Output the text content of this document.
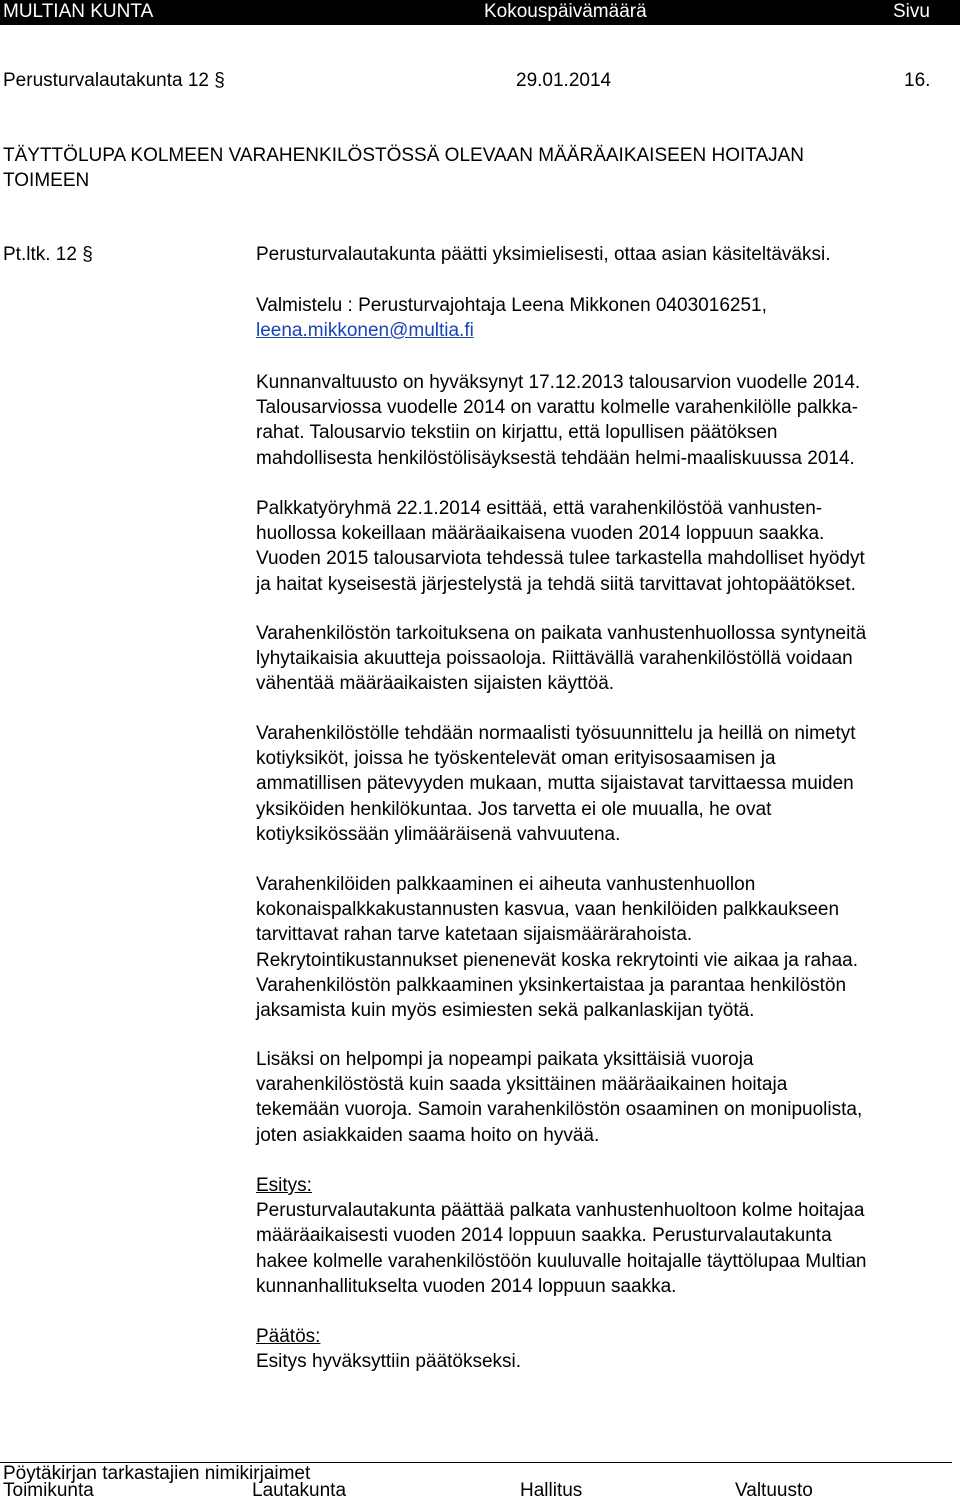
MULTIAN KUNTA	Kokouspäivämäärä	Sivu
Perusturvalautakunta 12 §	29.01.2014	16.
TÄYTTÖLUPA KOLMEEN VARAHENKILÖSTÖSSÄ OLEVAAN MÄÄRÄAIKAISEEN HOITAJAN
TOIMEEN
Pt.ltk. 12 §	Perusturvalautakunta päätti yksimielisesti, ottaa asian käsiteltäväksi.
Valmistelu : Perusturvajohtaja Leena Mikkonen 0403016251,
leena.mikkonen@multia.fi

Kunnanvaltuusto on hyväksynyt 17.12.2013 talousarvion vuodelle 2014.

Talousarviossa vuodelle 2014 on varattu kolmelle varahenkilölle palkka-

rahat. Talousarvio tekstiin on kirjattu, että lopullisen päätöksen

mahdollisesta henkilöstölisäyksestä tehdään helmi-maaliskuussa 2014.

Palkkatyöryhmä 22.1.2014 esittää, että varahenkilöstöä vanhusten-

huollossa kokeillaan määräaikaisena vuoden 2014 loppuun saakka.

Vuoden 2015 talousarviota tehdessä tulee tarkastella mahdolliset hyödyt

ja haitat kyseisestä järjestelystä ja tehdä siitä tarvittavat johtopäätökset.

Varahenkilöstön tarkoituksena on paikata vanhustenhuollossa syntyneitä

lyhytaikaisia akuutteja poissaoloja. Riittävällä varahenkilöstöllä voidaan

vähentää määräaikaisten sijaisten käyttöä.

Varahenkilöstölle tehdään normaalisti työsuunnittelu ja heillä on nimetyt

kotiyksiköt, joissa he työskentelevät oman erityisosaamisen ja

ammatillisen pätevyyden mukaan, mutta sijaistavat tarvittaessa muiden

yksiköiden henkilökuntaa. Jos tarvetta ei ole muualla, he ovat

kotiyksikössään ylimääräisenä vahvuutena.

Varahenkilöiden palkkaaminen ei aiheuta vanhustenhuollon

kokonaispalkkakustannusten kasvua, vaan henkilöiden palkkaukseen

tarvittavat rahan tarve katetaan sijaismäärärahoista.

Rekrytointikustannukset pienenevät koska rekrytointi vie aikaa ja rahaa.

Varahenkilöstön palkkaaminen yksinkertaistaa ja parantaa henkilöstön

jaksamista kuin myös esimiesten sekä palkanlaskijan työtä.

Lisäksi on helpompi ja nopeampi paikata yksittäisiä vuoroja

varahenkilöstöstä kuin saada yksittäinen määräaikainen hoitaja

tekemään vuoroja. Samoin varahenkilöstön osaaminen on monipuolista,

joten asiakkaiden saama hoito on hyvää.

Esitys:

Perusturvalautakunta päättää palkata vanhustenhuoltoon kolme hoitajaa

määräaikaisesti vuoden 2014 loppuun saakka. Perusturvalautakunta

hakee kolmelle varahenkilöstöön kuuluvalle hoitajalle täyttölupaa Multian

kunnanhallitukselta vuoden 2014 loppuun saakka.

Päätös:

Esitys hyväksyttiin päätökseksi.

Pöytäkirjan tarkastajien nimikirjaimet
Toimikunta	Lautakunta	Hallitus	Valtuusto
